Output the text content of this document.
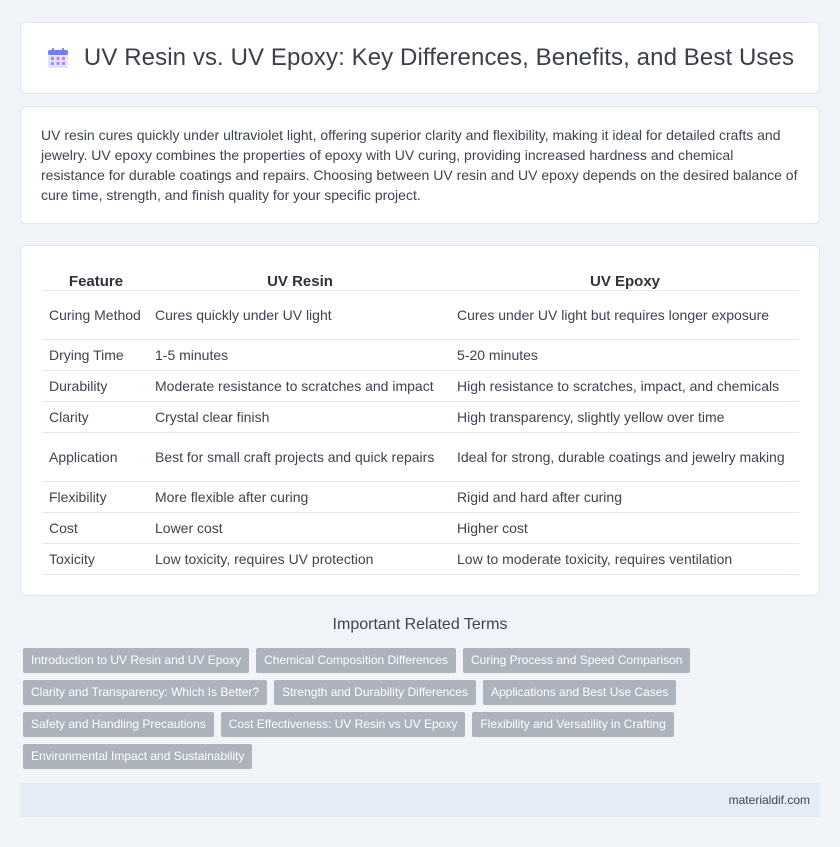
UV Resin vs. UV Epoxy: Key Differences, Benefits, and Best Uses

UV resin cures quickly under ultraviolet light, offering superior clarity and flexibility, making it ideal for detailed crafts and jewelry. UV epoxy combines the properties of epoxy with UV curing, providing increased hardness and chemical resistance for durable coatings and repairs. Choosing between UV resin and UV epoxy depends on the desired balance of cure time, strength, and finish quality for your specific project.

Feature	UV Resin	UV Epoxy
Curing Method	Cures quickly under UV light	Cures under UV light but requires longer exposure
Drying Time	1-5 minutes	5-20 minutes
Durability	Moderate resistance to scratches and impact	High resistance to scratches, impact, and chemicals
Clarity	Crystal clear finish	High transparency, slightly yellow over time
Application	Best for small craft projects and quick repairs	Ideal for strong, durable coatings and jewelry making
Flexibility	More flexible after curing	Rigid and hard after curing
Cost	Lower cost	Higher cost
Toxicity	Low toxicity, requires UV protection	Low to moderate toxicity, requires ventilation
Important Related Terms
Introduction to UV Resin and UV Epoxy	Chemical Composition Differences	Curing Process and Speed Comparison
Clarity and Transparency: Which Is Better?	Strength and Durability Differences	Applications and Best Use Cases
Safety and Handling Precautions	Cost Effectiveness: UV Resin vs UV Epoxy	Flexibility and Versatility in Crafting
Environmental Impact and Sustainability
materialdif.com
